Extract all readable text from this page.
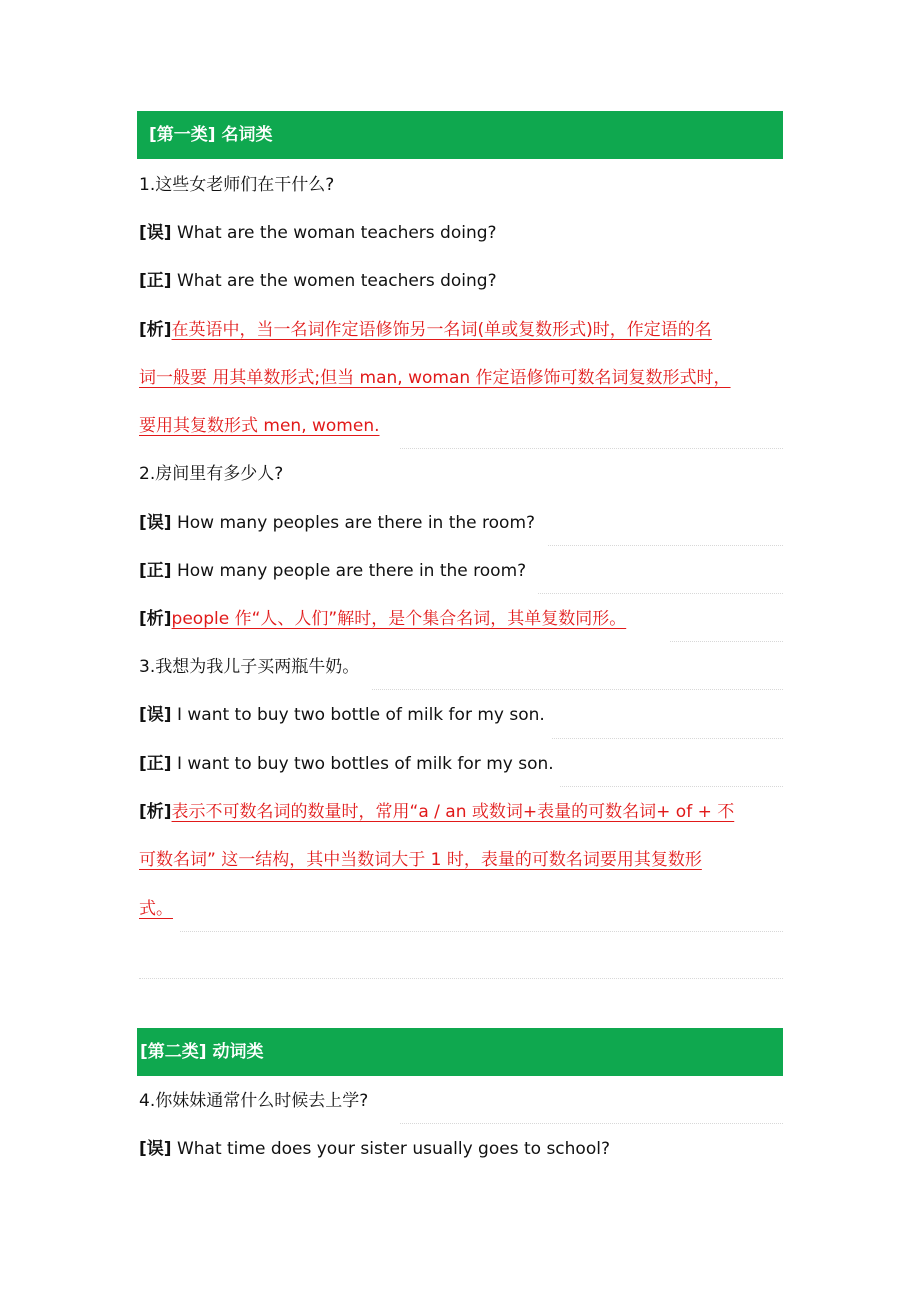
[第一类] 名词类
1.这些女老师们在干什么?
[误] What are the woman teachers doing?
[正] What are the women teachers doing?
[析]在英语中，当一名词作定语修饰另一名词(单或复数形式)时，作定语的名
词一般要 用其单数形式;但当 man, woman 作定语修饰可数名词复数形式时，
要用其复数形式 men, women.
2.房间里有多少人?
[误] How many peoples are there in the room?
[正] How many people are there in the room?
[析]people 作“人、人们”解时，是个集合名词，其单复数同形。
3.我想为我儿子买两瓶牛奶。
[误] I want to buy two bottle of milk for my son.
[正] I want to buy two bottles of milk for my son.
[析]表示不可数名词的数量时，常用“a / an 或数词+表量的可数名词+ of + 不
可数名词” 这一结构，其中当数词大于 1 时，表量的可数名词要用其复数形
式。
[第二类] 动词类
4.你妹妹通常什么时候去上学?
[误] What time does your sister usually goes to school?
